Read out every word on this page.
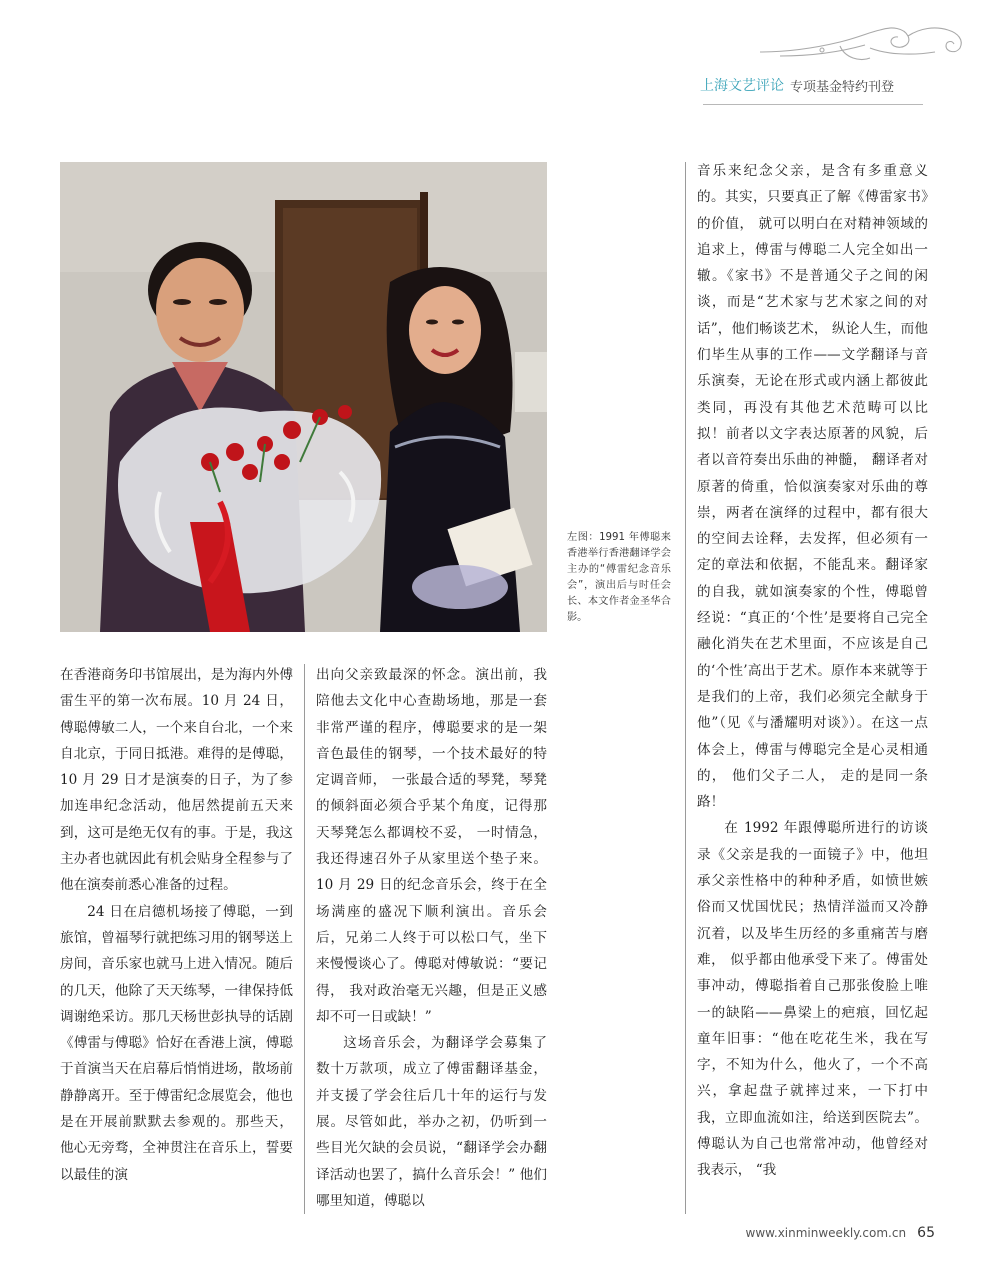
上海文艺评论 专项基金特约刊登
左图：1991 年傅聪来香港举行香港翻译学会主办的“傅雷纪念音乐会”，演出后与时任会长、本文作者金圣华合影。

在香港商务印书馆展出，是为海内外傅雷生平的第一次布展。10 月 24 日，傅聪傅敏二人，一个来自台北，一个来自北京，于同日抵港。难得的是傅聪，10 月 29 日才是演奏的日子，为了参加连串纪念活动，他居然提前五天来到，这可是绝无仅有的事。于是，我这主办者也就因此有机会贴身全程参与了他在演奏前悉心准备的过程。

24 日在启德机场接了傅聪，一到旅馆，曾福琴行就把练习用的钢琴送上房间，音乐家也就马上进入情况。随后的几天，他除了天天练琴，一律保持低调谢绝采访。那几天杨世彭执导的话剧《傅雷与傅聪》恰好在香港上演，傅聪于首演当天在启幕后悄悄进场，散场前静静离开。至于傅雷纪念展览会，他也是在开展前默默去参观的。那些天， 他心无旁骛，全神贯注在音乐上，誓要以最佳的演

出向父亲致最深的怀念。演出前，我陪他去文化中心查勘场地，那是一套非常严谨的程序，傅聪要求的是一架音色最佳的钢琴，一个技术最好的特定调音师， 一张最合适的琴凳，琴凳的倾斜面必须合乎某个角度，记得那天琴凳怎么都调校不妥， 一时情急，我还得速召外子从家里送个垫子来。10 月 29 日的纪念音乐会，终于在全场满座的盛况下顺利演出。音乐会后，兄弟二人终于可以松口气，坐下来慢慢谈心了。傅聪对傅敏说：“要记得， 我对政治毫无兴趣，但是正义感却不可一日或缺！”

这场音乐会，为翻译学会募集了数十万款项，成立了傅雷翻译基金，并支援了学会往后几十年的运行与发展。尽管如此，举办之初，仍听到一些目光欠缺的会员说，“翻译学会办翻译活动也罢了，搞什么音乐会！” 他们哪里知道，傅聪以

音乐来纪念父亲，是含有多重意义的。其实，只要真正了解《傅雷家书》的价值， 就可以明白在对精神领域的追求上，傅雷与傅聪二人完全如出一辙。《家书》不是普通父子之间的闲谈，而是“艺术家与艺术家之间的对话”，他们畅谈艺术， 纵论人生，而他们毕生从事的工作——文学翻译与音乐演奏，无论在形式或内涵上都彼此类同，再没有其他艺术范畴可以比拟！前者以文字表达原著的风貌，后者以音符奏出乐曲的神髓， 翻译者对原著的倚重，恰似演奏家对乐曲的尊崇，两者在演绎的过程中，都有很大的空间去诠释，去发挥，但必须有一定的章法和依据，不能乱来。翻译家的自我，就如演奏家的个性，傅聪曾经说：“真正的‘个性’是要将自己完全融化消失在艺术里面，不应该是自己的‘个性’高出于艺术。原作本来就等于是我们的上帝，我们必须完全献身于他”（见《与潘耀明对谈》）。在这一点体会上，傅雷与傅聪完全是心灵相通的， 他们父子二人， 走的是同一条路！

在 1992 年跟傅聪所进行的访谈录《父亲是我的一面镜子》中，他坦承父亲性格中的种种矛盾，如愤世嫉俗而又忧国忧民；热情洋溢而又冷静沉着，以及毕生历经的多重痛苦与磨难， 似乎都由他承受下来了。傅雷处事冲动，傅聪指着自己那张俊脸上唯一的缺陷——鼻梁上的疤痕，回忆起童年旧事：“他在吃花生米，我在写字，不知为什么，他火了，一个不高兴，拿起盘子就摔过来，一下打中我，立即血流如注，给送到医院去”。傅聪认为自己也常常冲动，他曾经对我表示， “我

www.xinminweekly.com.cn 65
